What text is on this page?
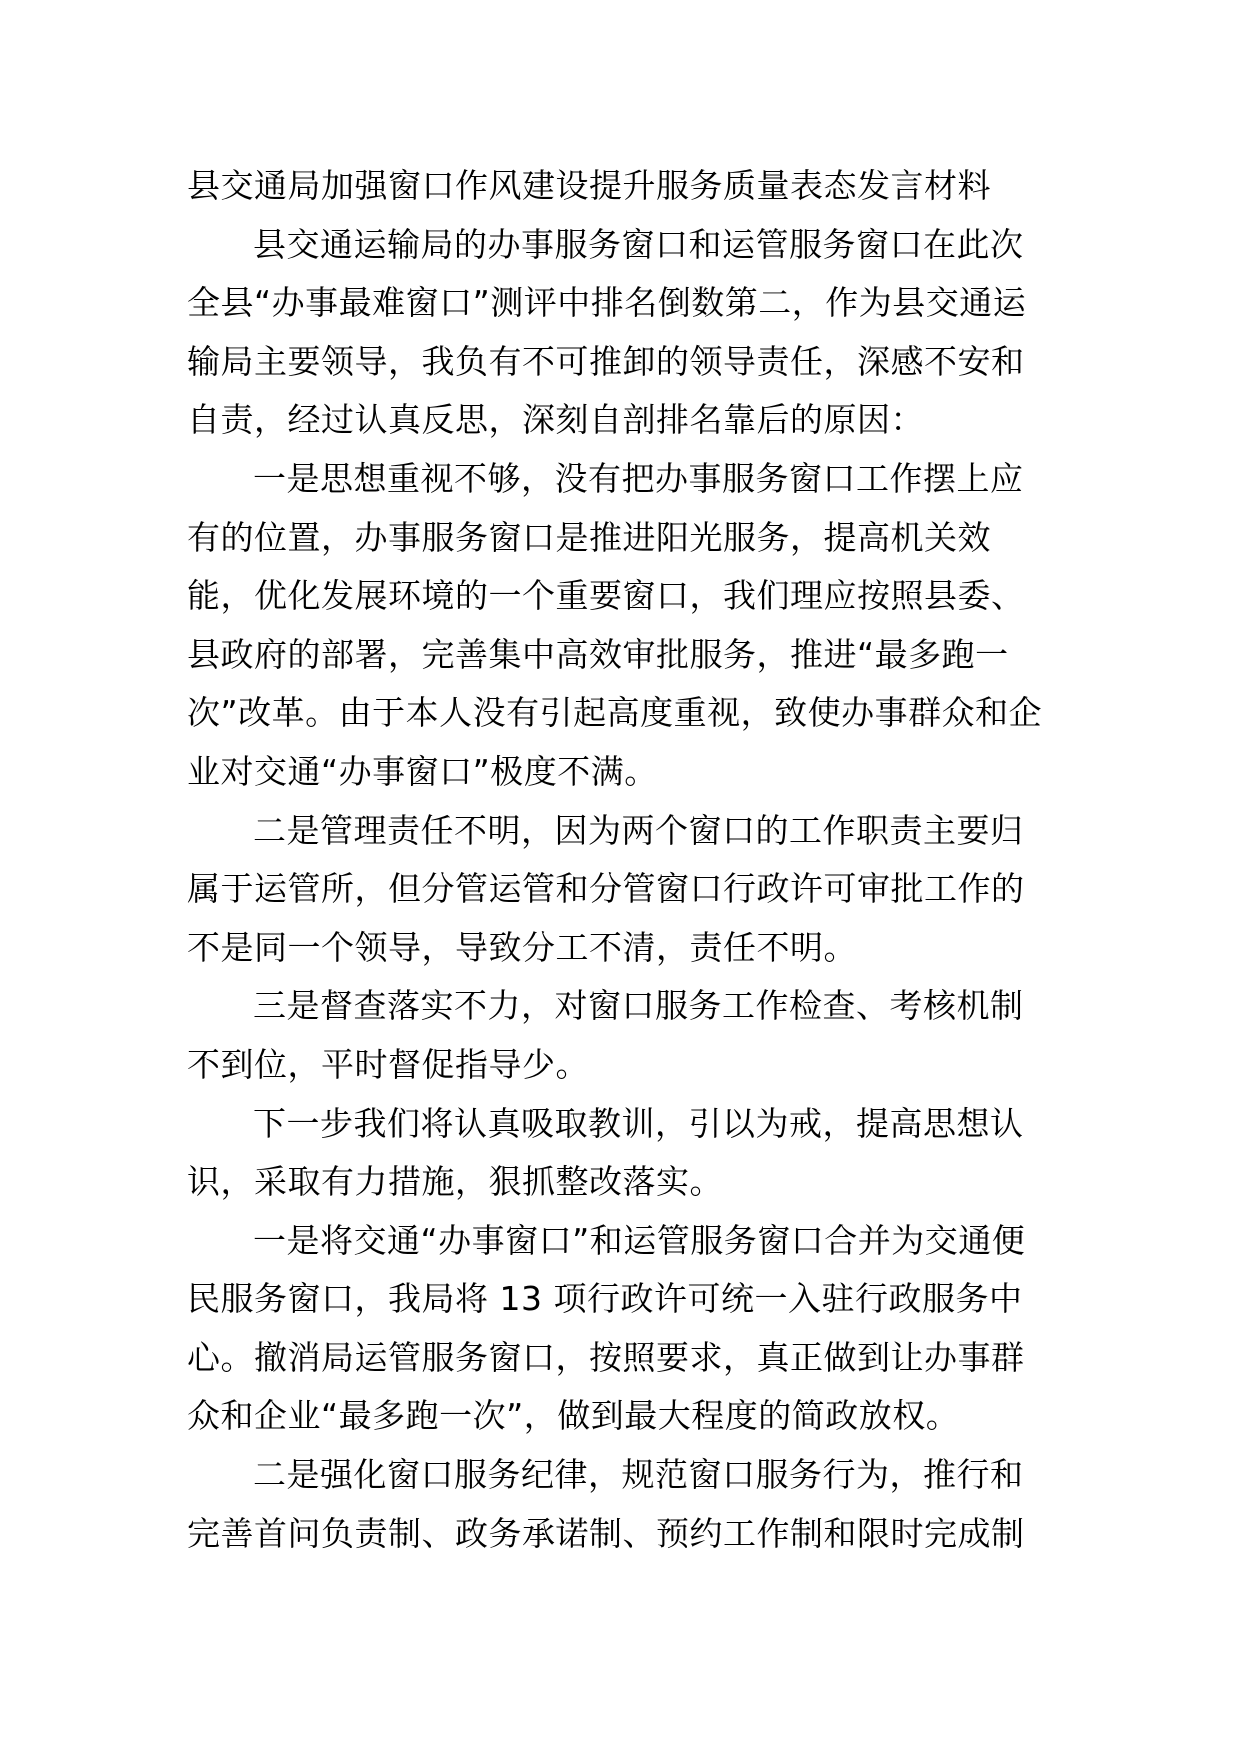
县交通局加强窗口作风建设提升服务质量表态发言材料
县交通运输局的办事服务窗口和运管服务窗口在此次
全县“办事最难窗口”测评中排名倒数第二，作为县交通运
输局主要领导，我负有不可推卸的领导责任，深感不安和
自责，经过认真反思，深刻自剖排名靠后的原因：
一是思想重视不够，没有把办事服务窗口工作摆上应
有的位置，办事服务窗口是推进阳光服务，提高机关效
能，优化发展环境的一个重要窗口，我们理应按照县委、
县政府的部署，完善集中高效审批服务，推进“最多跑一
次”改革。由于本人没有引起高度重视，致使办事群众和企
业对交通“办事窗口”极度不满。
二是管理责任不明，因为两个窗口的工作职责主要归
属于运管所，但分管运管和分管窗口行政许可审批工作的
不是同一个领导，导致分工不清，责任不明。
三是督查落实不力，对窗口服务工作检查、考核机制
不到位，平时督促指导少。
下一步我们将认真吸取教训，引以为戒，提高思想认
识，采取有力措施，狠抓整改落实。
一是将交通“办事窗口”和运管服务窗口合并为交通便
民服务窗口，我局将 13 项行政许可统一入驻行政服务中
心。撤消局运管服务窗口，按照要求，真正做到让办事群
众和企业“最多跑一次”，做到最大程度的简政放权。
二是强化窗口服务纪律，规范窗口服务行为，推行和
完善首问负责制、政务承诺制、预约工作制和限时完成制
